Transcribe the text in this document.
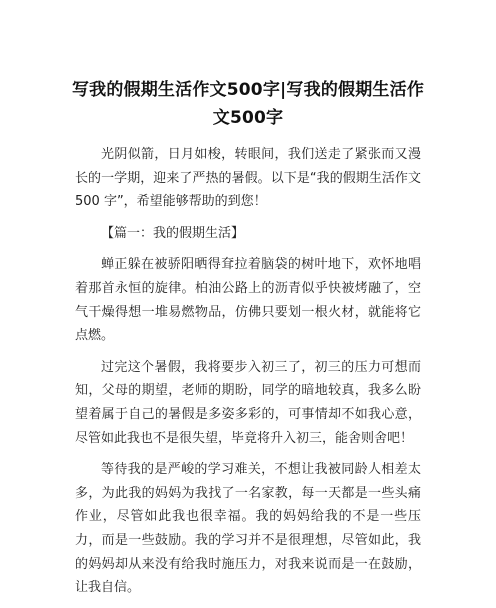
写我的假期生活作文500字|写我的假期生活作文500字

光阴似箭，日月如梭，转眼间，我们送走了紧张而又漫长的一学期，迎来了严热的暑假。以下是“我的假期生活作文 500 字”，希望能够帮助的到您！

【篇一：我的假期生活】

蝉正躲在被骄阳晒得耷拉着脑袋的树叶地下，欢怀地唱着那首永恒的旋律。柏油公路上的沥青似乎快被烤融了，空气干燥得想一堆易燃物品，仿佛只要划一根火材，就能将它点燃。

过完这个暑假，我将要步入初三了，初三的压力可想而知，父母的期望，老师的期盼，同学的暗地较真，我多么盼望着属于自己的暑假是多姿多彩的，可事情却不如我心意，尽管如此我也不是很失望，毕竟将升入初三，能舍则舍吧！

等待我的是严峻的学习难关，不想让我被同龄人相差太多，为此我的妈妈为我找了一名家教，每一天都是一些头痛作业，尽管如此我也很幸福。我的妈妈给我的不是一些压力，而是一些鼓励。我的学习并不是很理想，尽管如此，我的妈妈却从来没有给我时施压力，对我来说而是一在鼓励，让我自信。
